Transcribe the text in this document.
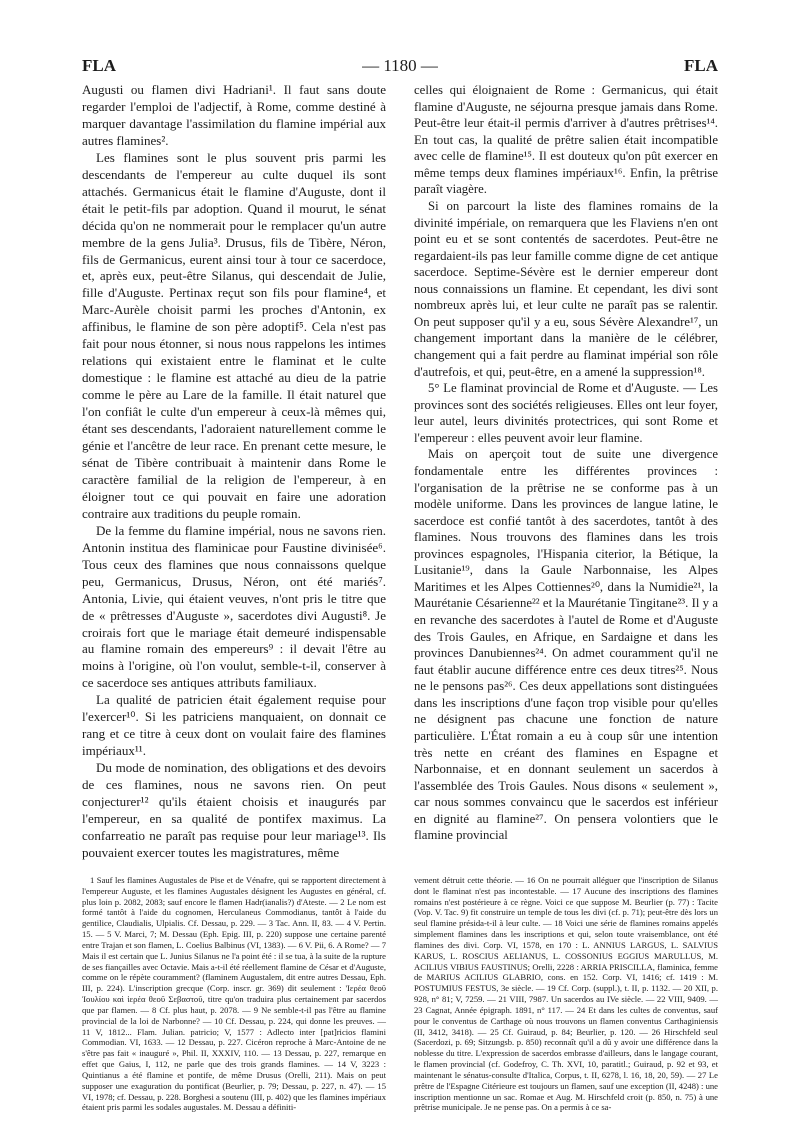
FLA	— 1180 —	FLA

Augusti ou flamen divi Hadriani¹. Il faut sans doute regarder l'emploi de l'adjectif, à Rome, comme destiné à marquer davantage l'assimilation du flamine impérial aux autres flamines².

Les flamines sont le plus souvent pris parmi les descendants de l'empereur au culte duquel ils sont attachés. Germanicus était le flamine d'Auguste, dont il était le petit-fils par adoption. Quand il mourut, le sénat décida qu'on ne nommerait pour le remplacer qu'un autre membre de la gens Julia³. Drusus, fils de Tibère, Néron, fils de Germanicus, eurent ainsi tour à tour ce sacerdoce, et, après eux, peut-être Silanus, qui descendait de Julie, fille d'Auguste. Pertinax reçut son fils pour flamine⁴, et Marc-Aurèle choisit parmi les proches d'Antonin, ex affinibus, le flamine de son père adoptif⁵. Cela n'est pas fait pour nous étonner, si nous nous rappelons les intimes relations qui existaient entre le flaminat et le culte domestique : le flamine est attaché au dieu de la patrie comme le père au Lare de la famille. Il était naturel que l'on confiât le culte d'un empereur à ceux-là mêmes qui, étant ses descendants, l'adoraient naturellement comme le génie et l'ancêtre de leur race. En prenant cette mesure, le sénat de Tibère contribuait à maintenir dans Rome le caractère familial de la religion de l'empereur, à en éloigner tout ce qui pouvait en faire une adoration contraire aux traditions du peuple romain.

De la femme du flamine impérial, nous ne savons rien. Antonin institua des flaminicae pour Faustine divinisée⁶. Tous ceux des flamines que nous connaissons quelque peu, Germanicus, Drusus, Néron, ont été mariés⁷. Antonia, Livie, qui étaient veuves, n'ont pris le titre que de « prêtresses d'Auguste », sacerdotes divi Augusti⁸. Je croirais fort que le mariage était demeuré indispensable au flamine romain des empereurs⁹ : il devait l'être au moins à l'origine, où l'on voulut, semble-t-il, conserver à ce sacerdoce ses antiques attributs familiaux.

La qualité de patricien était également requise pour l'exercer¹⁰. Si les patriciens manquaient, on donnait ce rang et ce titre à ceux dont on voulait faire des flamines impériaux¹¹.

Du mode de nomination, des obligations et des devoirs de ces flamines, nous ne savons rien. On peut conjecturer¹² qu'ils étaient choisis et inaugurés par l'empereur, en sa qualité de pontifex maximus. La confarreatio ne paraît pas requise pour leur mariage¹³. Ils pouvaient exercer toutes les magistratures, même

celles qui éloignaient de Rome : Germanicus, qui était flamine d'Auguste, ne séjourna presque jamais dans Rome. Peut-être leur était-il permis d'arriver à d'autres prêtrises¹⁴. En tout cas, la qualité de prêtre salien était incompatible avec celle de flamine¹⁵. Il est douteux qu'on pût exercer en même temps deux flamines impériaux¹⁶. Enfin, la prêtrise paraît viagère.

Si on parcourt la liste des flamines romains de la divinité impériale, on remarquera que les Flaviens n'en ont point eu et se sont contentés de sacerdotes. Peut-être ne regardaient-ils pas leur famille comme digne de cet antique sacerdoce. Septime-Sévère est le dernier empereur dont nous connaissions un flamine. Et cependant, les divi sont nombreux après lui, et leur culte ne paraît pas se ralentir. On peut supposer qu'il y a eu, sous Sévère Alexandre¹⁷, un changement important dans la manière de le célébrer, changement qui a fait perdre au flaminat impérial son rôle d'autrefois, et qui, peut-être, en a amené la suppression¹⁸.

5° Le flaminat provincial de Rome et d'Auguste. — Les provinces sont des sociétés religieuses. Elles ont leur foyer, leur autel, leurs divinités protectrices, qui sont Rome et l'empereur : elles peuvent avoir leur flamine.

Mais on aperçoit tout de suite une divergence fondamentale entre les différentes provinces : l'organisation de la prêtrise ne se conforme pas à un modèle uniforme. Dans les provinces de langue latine, le sacerdoce est confié tantôt à des sacerdotes, tantôt à des flamines. Nous trouvons des flamines dans les trois provinces espagnoles, l'Hispania citerior, la Bétique, la Lusitanie¹⁹, dans la Gaule Narbonnaise, les Alpes Maritimes et les Alpes Cottiennes²⁰, dans la Numidie²¹, la Maurétanie Césarienne²² et la Maurétanie Tingitane²³. Il y a en revanche des sacerdotes à l'autel de Rome et d'Auguste des Trois Gaules, en Afrique, en Sardaigne et dans les provinces Danubiennes²⁴. On admet couramment qu'il ne faut établir aucune différence entre ces deux titres²⁵. Nous ne le pensons pas²⁶. Ces deux appellations sont distinguées dans les inscriptions d'une façon trop visible pour qu'elles ne désignent pas chacune une fonction de nature particulière. L'État romain a eu à coup sûr une intention très nette en créant des flamines en Espagne et Narbonnaise, et en donnant seulement un sacerdos à l'assemblée des Trois Gaules. Nous disons « seulement », car nous sommes convaincu que le sacerdos est inférieur en dignité au flamine²⁷. On pensera volontiers que le flamine provincial

1 Sauf les flamines Augustales de Pise et de Vénafre, qui se rapportent directement à l'empereur Auguste, et les flamines Augustales désignent les Augustes en général, cf. plus loin p. 2082, 2083; sauf encore le flamen Hadr(ianalis?) d'Ateste. — 2 Le nom est formé tantôt à l'aide du cognomen, Herculaneus Commodianus, tantôt à l'aide du gentilice, Claudialis, Ulpialis. Cf. Dessau, p. 229. — 3 Tac. Ann. II, 83. — 4 V. Pertin. 15. — 5 V. Marci, 7; M. Dessau (Eph. Epig. III, p. 220) suppose une certaine parenté entre Trajan et son flamen, L. Coelius Balbinus (VI, 1383). — 6 V. Pii, 6. A Rome? — 7 Mais il est certain que L. Junius Silanus ne l'a point été : il se tua, à la suite de la rupture de ses fiançailles avec Octavie. Mais a-t-il été réellement flamine de César et d'Auguste, comme on le répète couramment? (flaminem Augustalem, dit entre autres Dessau, Eph. III, p. 224). L'inscription grecque (Corp. inscr. gr. 369) dit seulement : 'Ιερέα θεοῦ Ἰουλίου καὶ ἱερέα θεοῦ Σεβαστοῦ, titre qu'on traduira plus certainement par sacerdos que par flamen. — 8 Cf. plus haut, p. 2078. — 9 Ne semble-t-il pas l'être au flamine provincial de la loi de Narbonne? — 10 Cf. Dessau, p. 224, qui donne les preuves. — 11 V, 1812... Flam. Julian. patricio; V, 1577 : Adlecto inter [pat]ricios flamini Commodian. VI, 1633. — 12 Dessau, p. 227. Cicéron reproche à Marc-Antoine de ne s'être pas fait « inauguré », Phil. II, XXXIV, 110. — 13 Dessau, p. 227, remarque en effet que Gaius, I, 112, ne parle que des trois grands flamines. — 14 V, 3223 : Quintianus a été flamine et pontife, de même Drusus (Orelli, 211). Mais on peut supposer une exaguration du pontificat (Beurlier, p. 79; Dessau, p. 227, n. 47). — 15 VI, 1978; cf. Dessau, p. 228. Borghesi a soutenu (III, p. 402) que les flamines impériaux étaient pris parmi les sodales augustales. M. Dessau a définiti-

vement détruit cette théorie. — 16 On ne pourrait alléguer que l'inscription de Silanus dont le flaminat n'est pas incontestable. — 17 Aucune des inscriptions des flamines romains n'est postérieure à ce règne. Voici ce que suppose M. Beurlier (p. 77) : Tacite (Vop. V. Tac. 9) fit construire un temple de tous les divi (cf. p. 71); peut-être dès lors un seul flamine présida-t-il à leur culte. — 18 Voici une série de flamines romains appelés simplement flamines dans les inscriptions et qui, selon toute vraisemblance, ont été flamines des divi. Corp. VI, 1578, en 170 : L. ANNIUS LARGUS, L. SALVIUS KARUS, L. ROSCIUS AELIANUS, L. COSSONIUS EGGIUS MARULLUS, M. ACILIUS VIBIUS FAUSTINUS; Orelli, 2228 : ARRIA PRISCILLA, flaminica, femme de MARIUS ACILIUS GLABRIO, cons. en 152. Corp. VI, 1416; cf. 1419 : M. POSTUMIUS FESTUS, 3e siècle. — 19 Cf. Corp. (suppl.), t. II, p. 1132. — 20 XII, p. 928, n° 81; V, 7259. — 21 VIII, 7987. Un sacerdos au IVe siècle. — 22 VIII, 9409. — 23 Cagnat, Année épigraph. 1891, n° 117. — 24 Et dans les cultes de conventus, sauf pour le conventus de Carthage où nous trouvons un flamen conventus Carthaginiensis (II, 3412, 3418). — 25 Cf. Guiraud, p. 84; Beurlier, p. 120. — 26 Hirschfeld seul (Sacerdozi, p. 69; Sitzungsb. p. 850) reconnaît qu'il a dû y avoir une différence dans la noblesse du titre. L'expression de sacerdos embrasse d'ailleurs, dans le langage courant, le flamen provincial (cf. Godefroy, C. Th. XVI, 10, paratitl.; Guiraud, p. 92 et 93, et maintenant le sénatus-consulte d'Italica, Corpus, t. II, 6278, l. 16, 18, 20, 59). — 27 Le prêtre de l'Espagne Citérieure est toujours un flamen, sauf une exception (II, 4248) : une inscription mentionne un sac. Romae et Aug. M. Hirschfeld croit (p. 850, n. 75) à une prêtrise municipale. Je ne pense pas. On a permis à ce sa-
